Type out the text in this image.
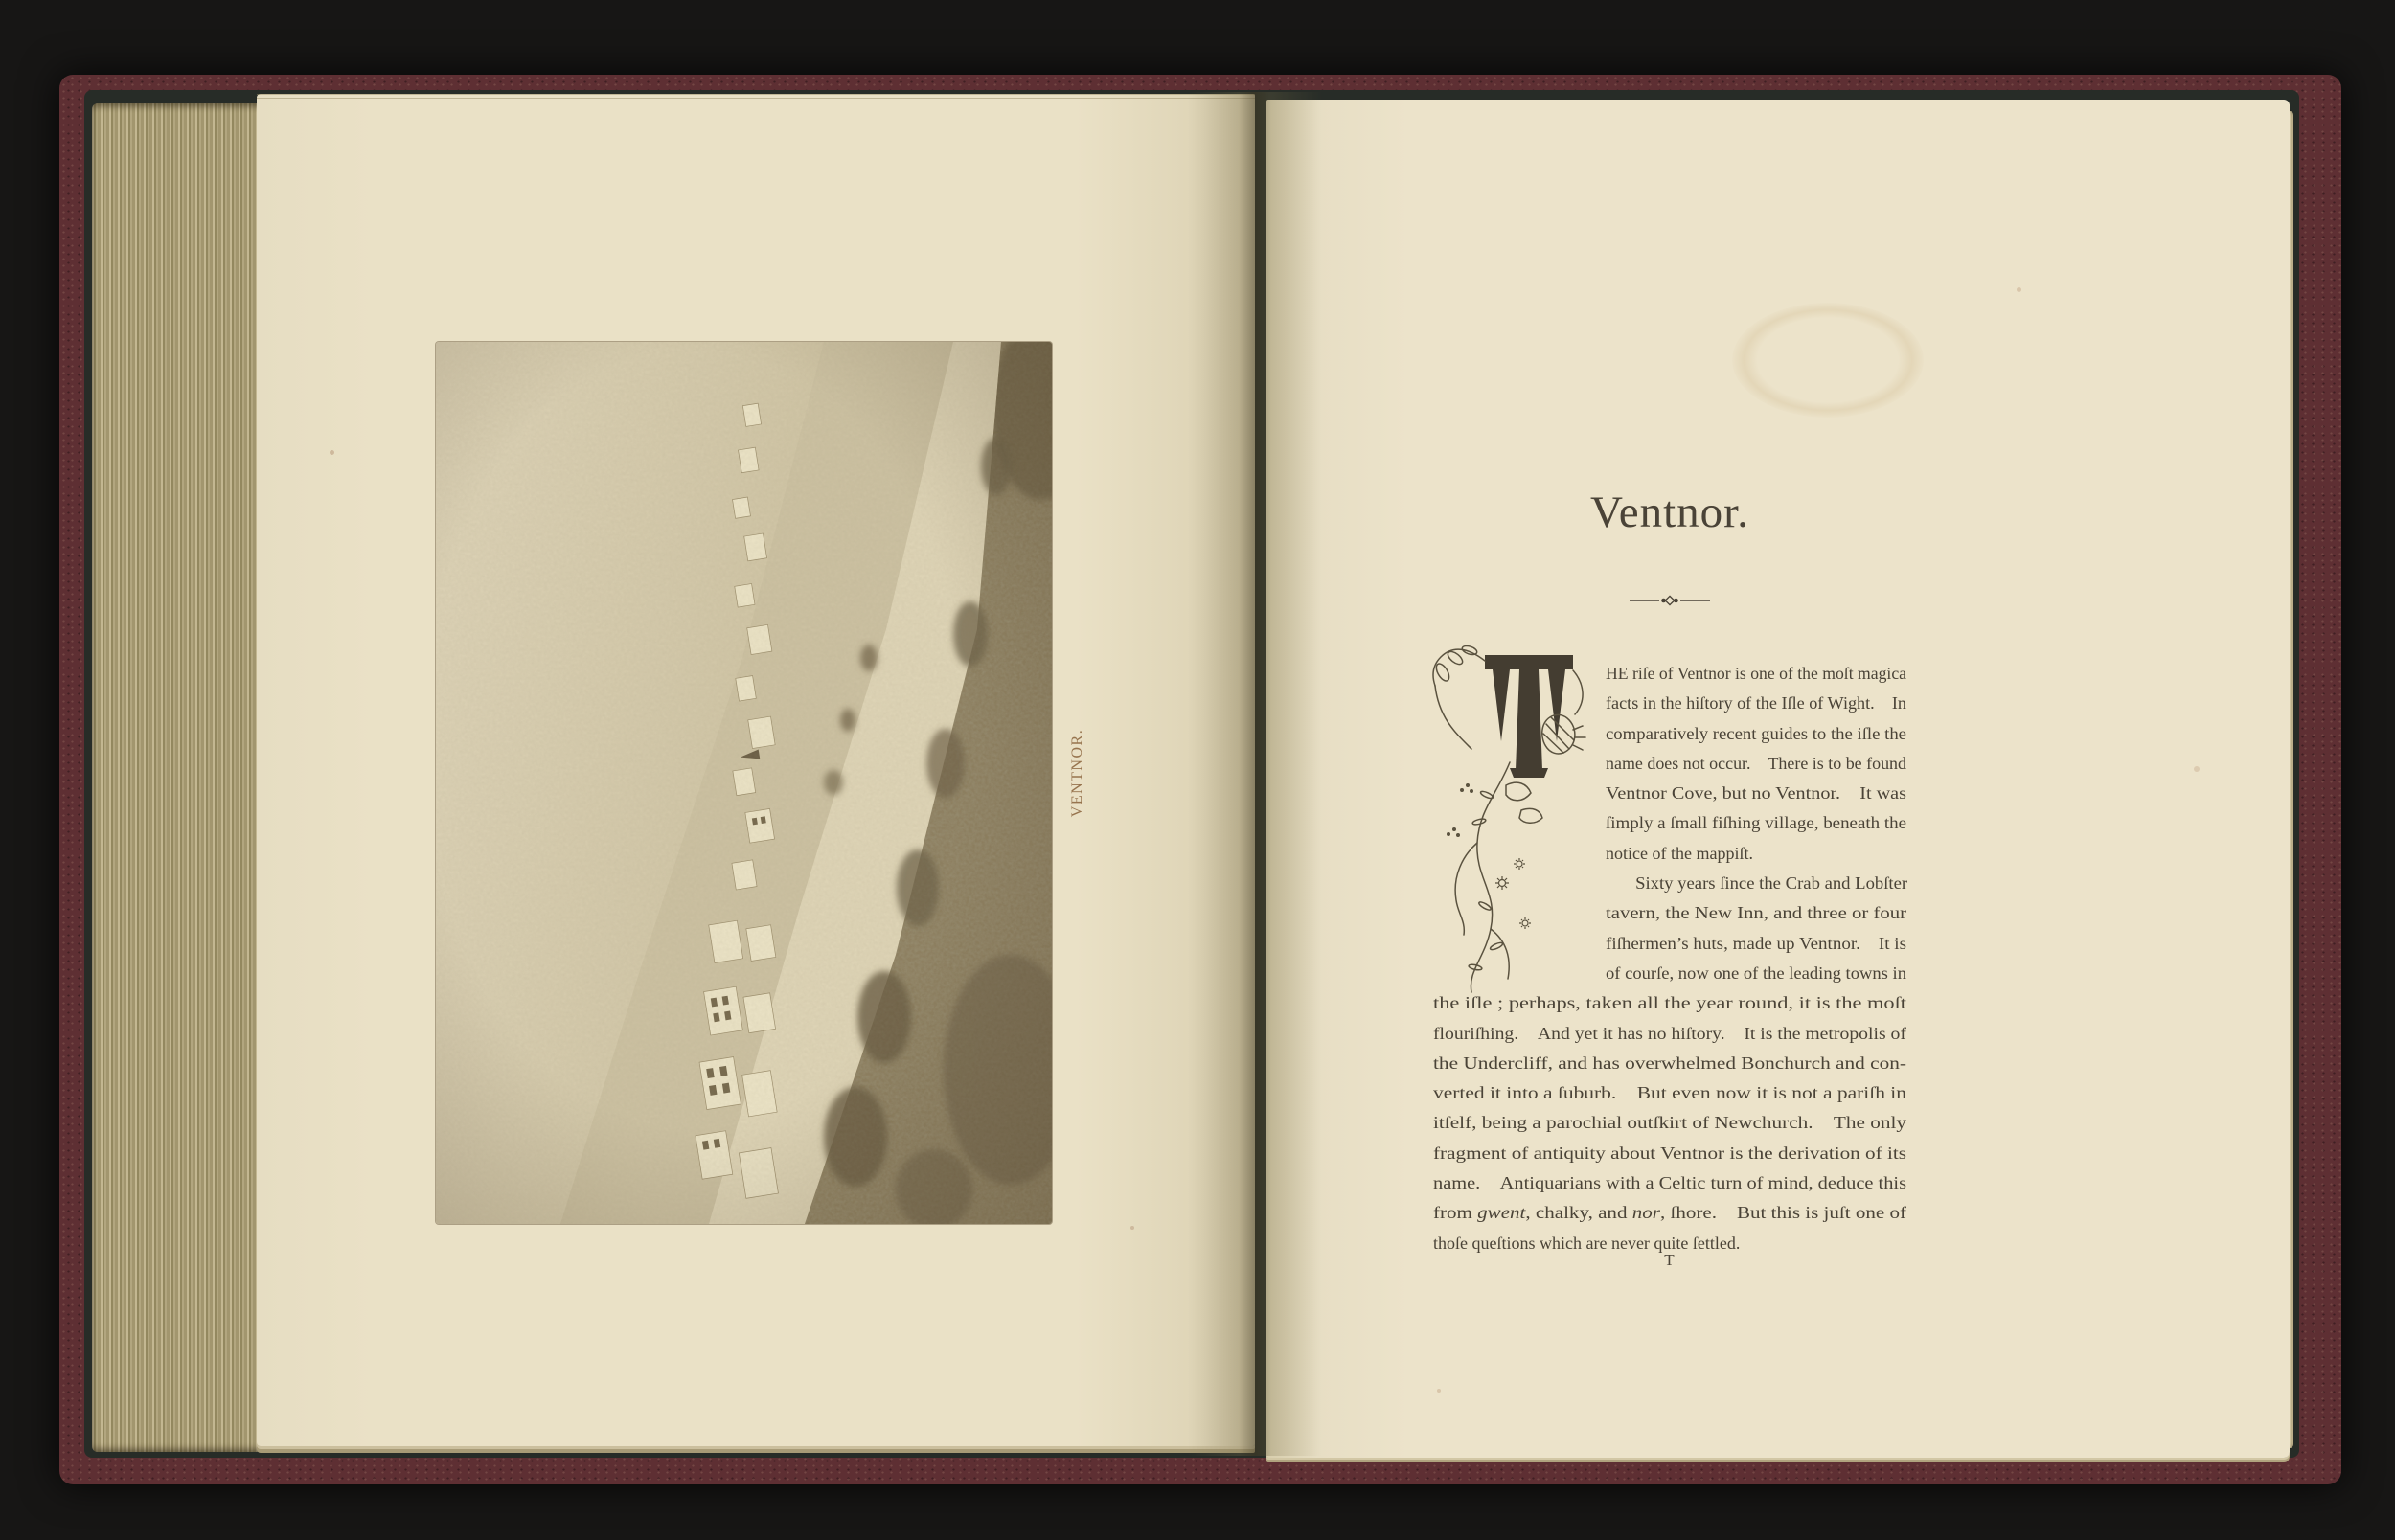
VENTNOR.
Ventnor.
HE riſe of Ventnor is one of the moſt magica
facts in the hiſtory of the Iſle of Wight.  In
comparatively recent guides to the iſle the
name does not occur.  There is to be found
Ventnor Cove, but no Ventnor.  It was
ſimply a ſmall fiſhing village, beneath the
notice of the mappiſt.
Sixty years ſince the Crab and Lobſter
tavern, the New Inn, and three or four
fiſhermen’s huts, made up Ventnor.  It is
of courſe, now one of the leading towns in
the iſle ; perhaps, taken all the year round, it is the moſt
flouriſhing.  And yet it has no hiſtory.  It is the metropolis of
the Undercliff, and has overwhelmed Bonchurch and con-
verted it into a ſuburb.  But even now it is not a pariſh in
itſelf, being a parochial outſkirt of Newchurch.  The only
fragment of antiquity about Ventnor is the derivation of its
name.  Antiquarians with a Celtic turn of mind, deduce this
from gwent, chalky, and nor, ſhore.  But this is juſt one of
thoſe queſtions which are never quite ſettled.
T
